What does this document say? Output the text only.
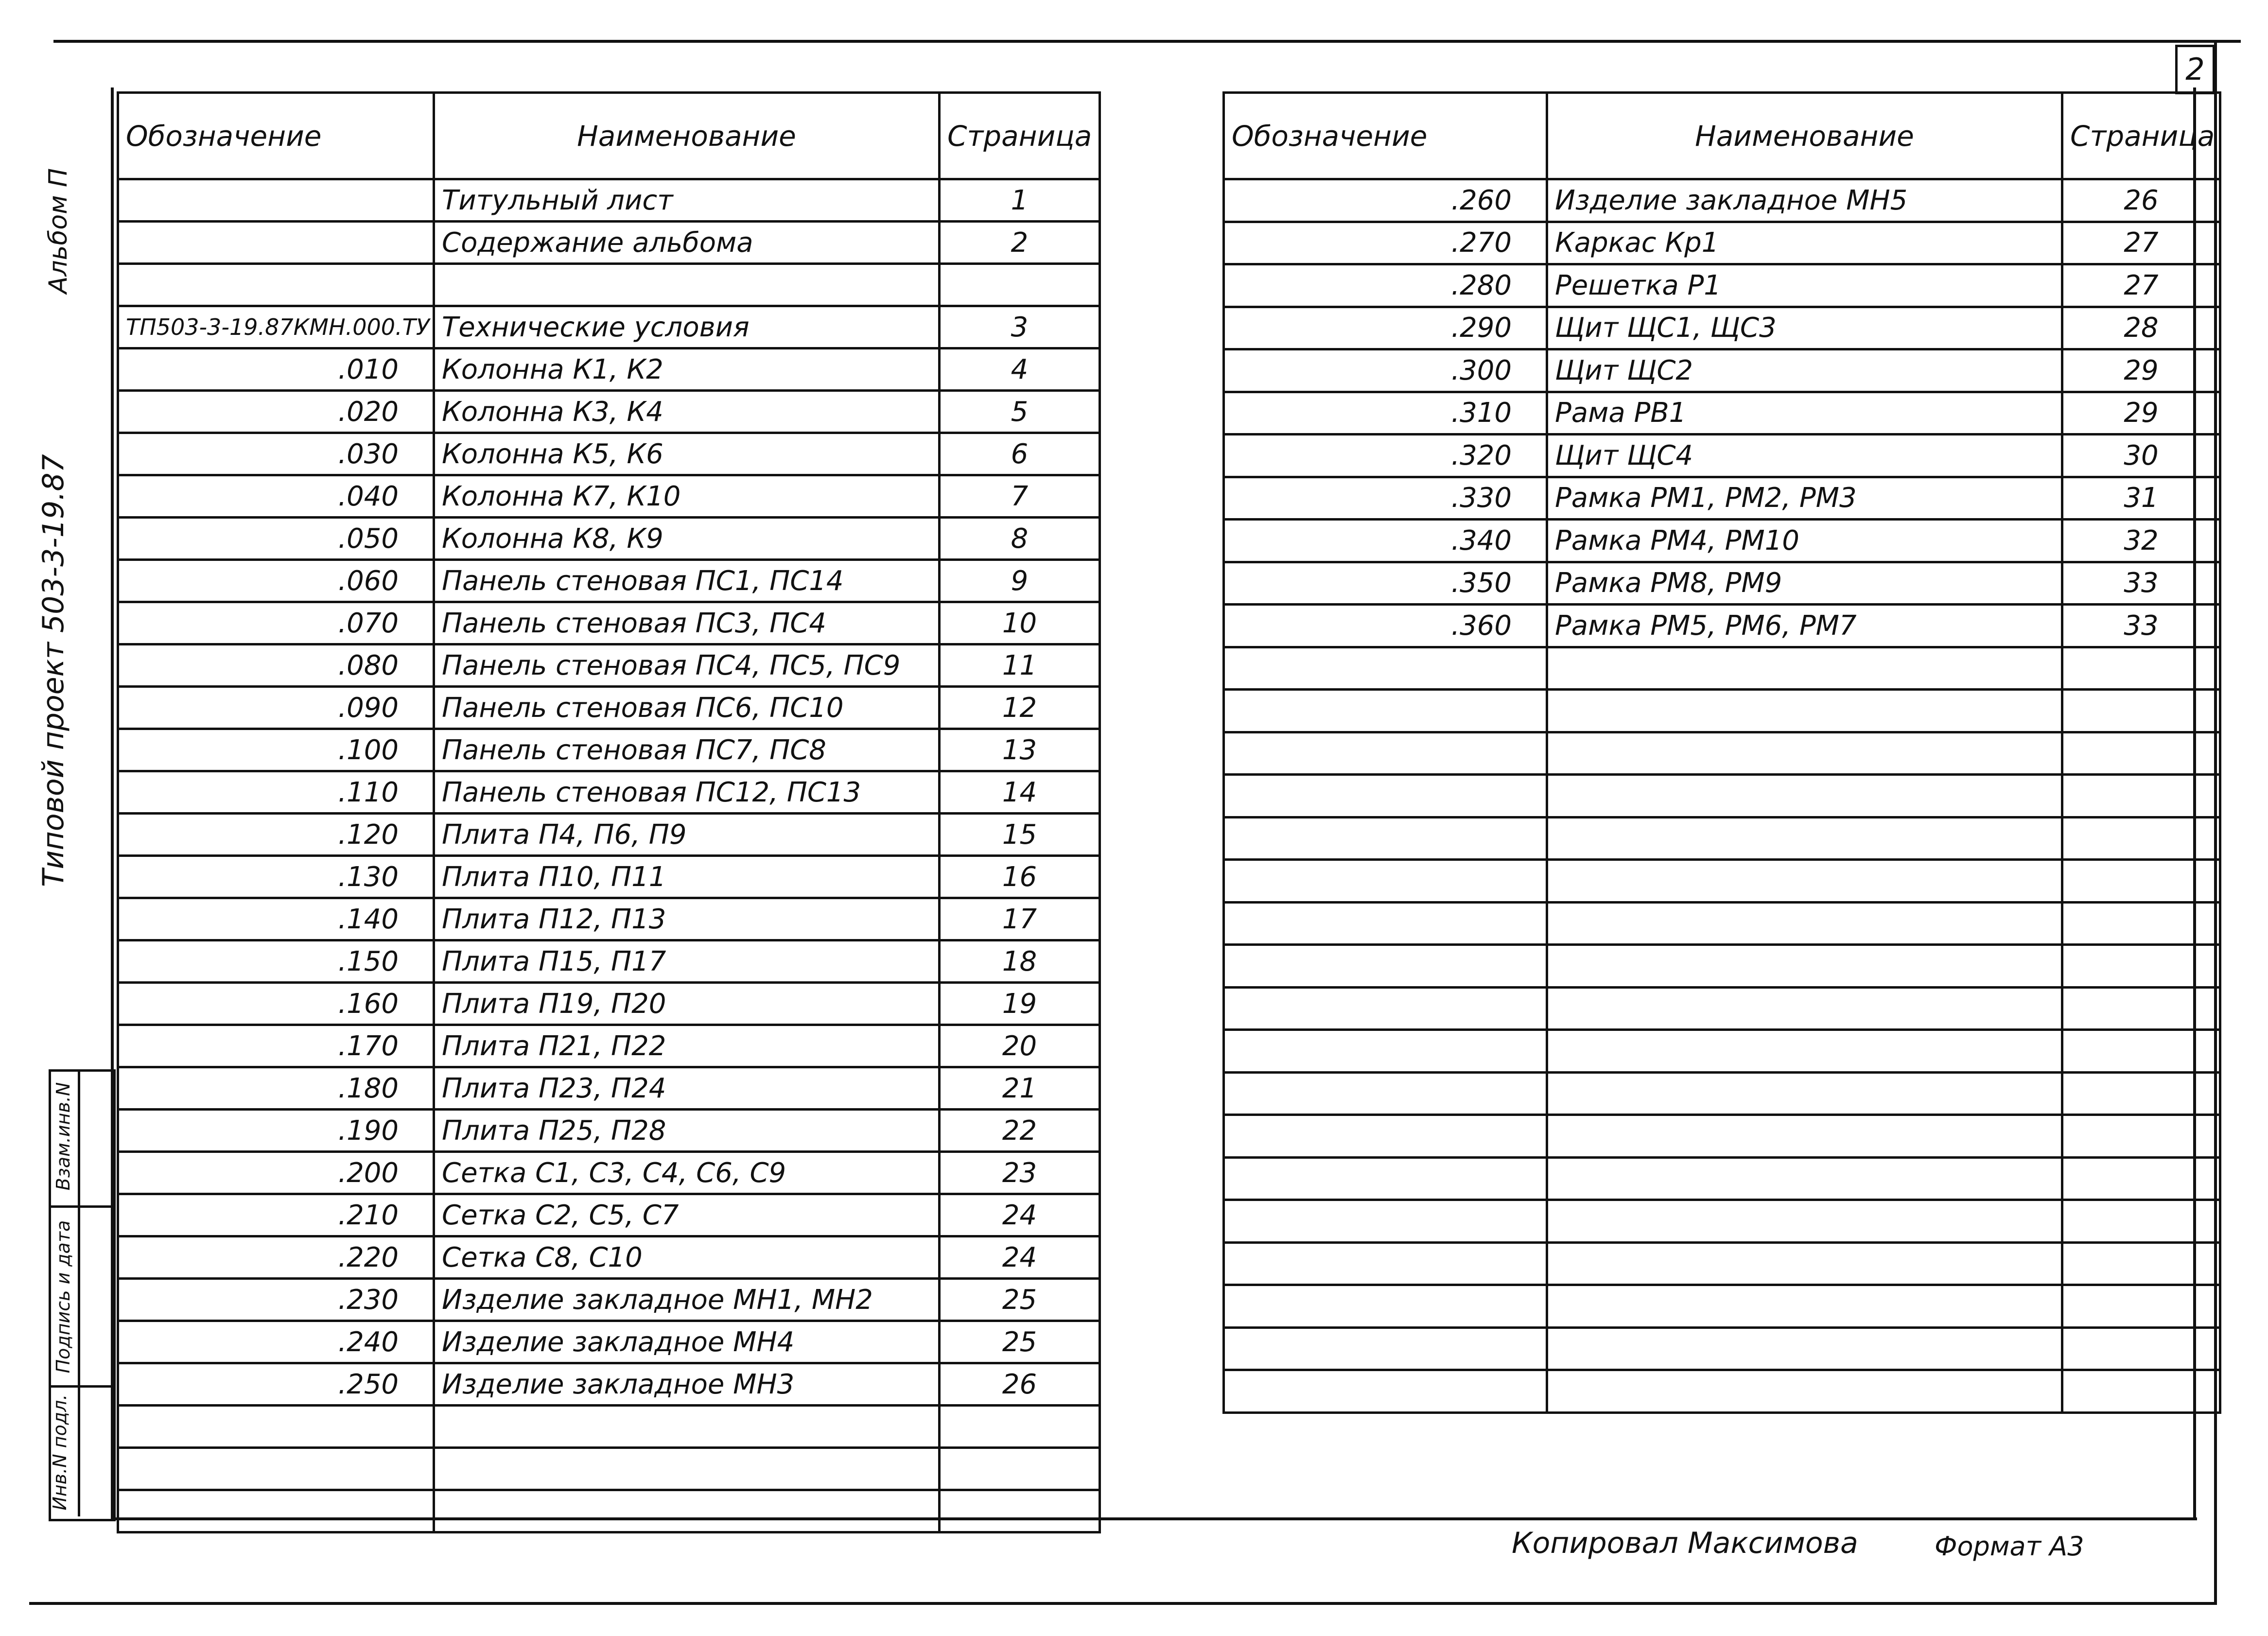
2
Альбом П
Типовой проект 503-3-19.87
Взам.инв.N
Подпись и дата
Инв.N подл.
Обозначение	Наименование	Страница
	Титульный лист	1
	Содержание альбома	2

ТП503-3-19.87КМН.000.ТУ	Технические условия	3
.010	Колонна К1, К2	4
.020	Колонна К3, К4	5
.030	Колонна К5, К6	6
.040	Колонна К7, К10	7
.050	Колонна К8, К9	8
.060	Панель стеновая ПС1, ПС14	9
.070	Панель стеновая ПС3, ПС4	10
.080	Панель стеновая ПС4, ПС5, ПС9	11
.090	Панель стеновая ПС6, ПС10	12
.100	Панель стеновая ПС7, ПС8	13
.110	Панель стеновая ПС12, ПС13	14
.120	Плита П4, П6, П9	15
.130	Плита П10, П11	16
.140	Плита П12, П13	17
.150	Плита П15, П17	18
.160	Плита П19, П20	19
.170	Плита П21, П22	20
.180	Плита П23, П24	21
.190	Плита П25, П28	22
.200	Сетка С1, С3, С4, С6, С9	23
.210	Сетка С2, С5, С7	24
.220	Сетка С8, С10	24
.230	Изделие закладное МН1, МН2	25
.240	Изделие закладное МН4	25
.250	Изделие закладное МН3	26

Обозначение	Наименование	Страница
.260	Изделие закладное МН5	26
.270	Каркас Кр1	27
.280	Решетка Р1	27
.290	Щит ЩС1, ЩС3	28
.300	Щит ЩС2	29
.310	Рама РВ1	29
.320	Щит ЩС4	30
.330	Рамка РМ1, РМ2, РМ3	31
.340	Рамка РМ4, РМ10	32
.350	Рамка РМ8, РМ9	33
.360	Рамка РМ5, РМ6, РМ7	33

Копировал Максимова	Формат А3
